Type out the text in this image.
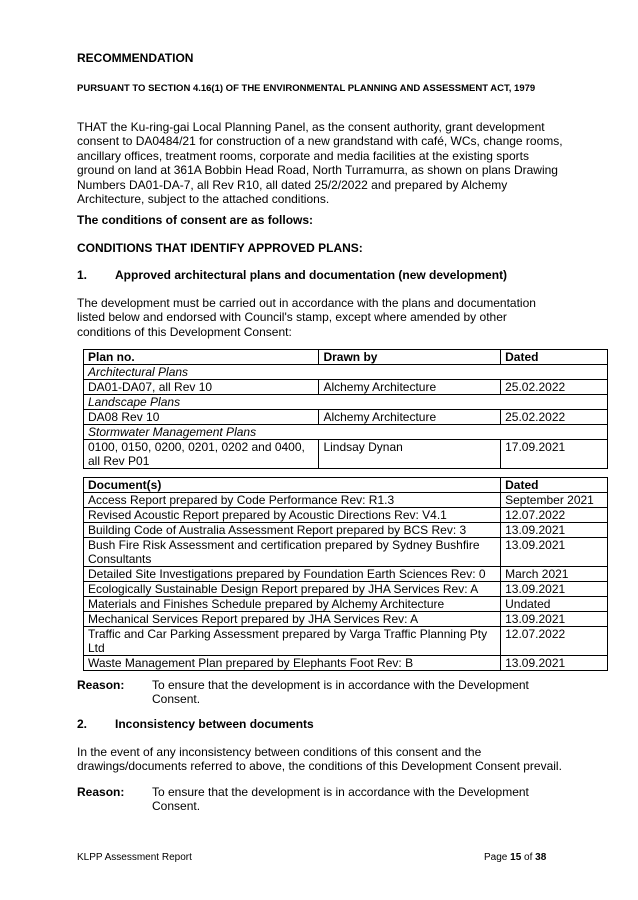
RECOMMENDATION
PURSUANT TO SECTION 4.16(1) OF THE ENVIRONMENTAL PLANNING AND ASSESSMENT ACT, 1979
THAT the Ku-ring-gai Local Planning Panel, as the consent authority, grant development consent to DA0484/21 for construction of a new grandstand with café, WCs, change rooms, ancillary offices, treatment rooms, corporate and media facilities at the existing sports ground on land at 361A Bobbin Head Road, North Turramurra, as shown on plans Drawing Numbers DA01-DA-7, all Rev R10, all dated 25/2/2022 and prepared by Alchemy Architecture, subject to the attached conditions.
The conditions of consent are as follows:
CONDITIONS THAT IDENTIFY APPROVED PLANS:
1. Approved architectural plans and documentation (new development)
The development must be carried out in accordance with the plans and documentation listed below and endorsed with Council's stamp, except where amended by other conditions of this Development Consent:
Plan no.	Drawn by	Dated
Architectural Plans		
DA01-DA07, all Rev 10	Alchemy Architecture	25.02.2022
Landscape Plans		
DA08 Rev 10	Alchemy Architecture	25.02.2022
Stormwater Management Plans		
0100, 0150, 0200, 0201, 0202 and 0400, all Rev P01	Lindsay Dynan	17.09.2021
Document(s)	Dated
Access Report prepared by Code Performance Rev: R1.3	September 2021
Revised Acoustic Report prepared by Acoustic Directions Rev: V4.1	12.07.2022
Building Code of Australia Assessment Report prepared by BCS Rev: 3	13.09.2021
Bush Fire Risk Assessment and certification prepared by Sydney Bushfire Consultants	13.09.2021
Detailed Site Investigations prepared by Foundation Earth Sciences Rev: 0	March 2021
Ecologically Sustainable Design Report prepared by JHA Services Rev: A	13.09.2021
Materials and Finishes Schedule prepared by Alchemy Architecture	Undated
Mechanical Services Report prepared by JHA Services Rev: A	13.09.2021
Traffic and Car Parking Assessment prepared by Varga Traffic Planning Pty Ltd	12.07.2022
Waste Management Plan prepared by Elephants Foot Rev: B	13.09.2021
Reason: To ensure that the development is in accordance with the Development Consent.
2. Inconsistency between documents
In the event of any inconsistency between conditions of this consent and the drawings/documents referred to above, the conditions of this Development Consent prevail.
Reason: To ensure that the development is in accordance with the Development Consent.
KLPP Assessment Report	Page 15 of 38
